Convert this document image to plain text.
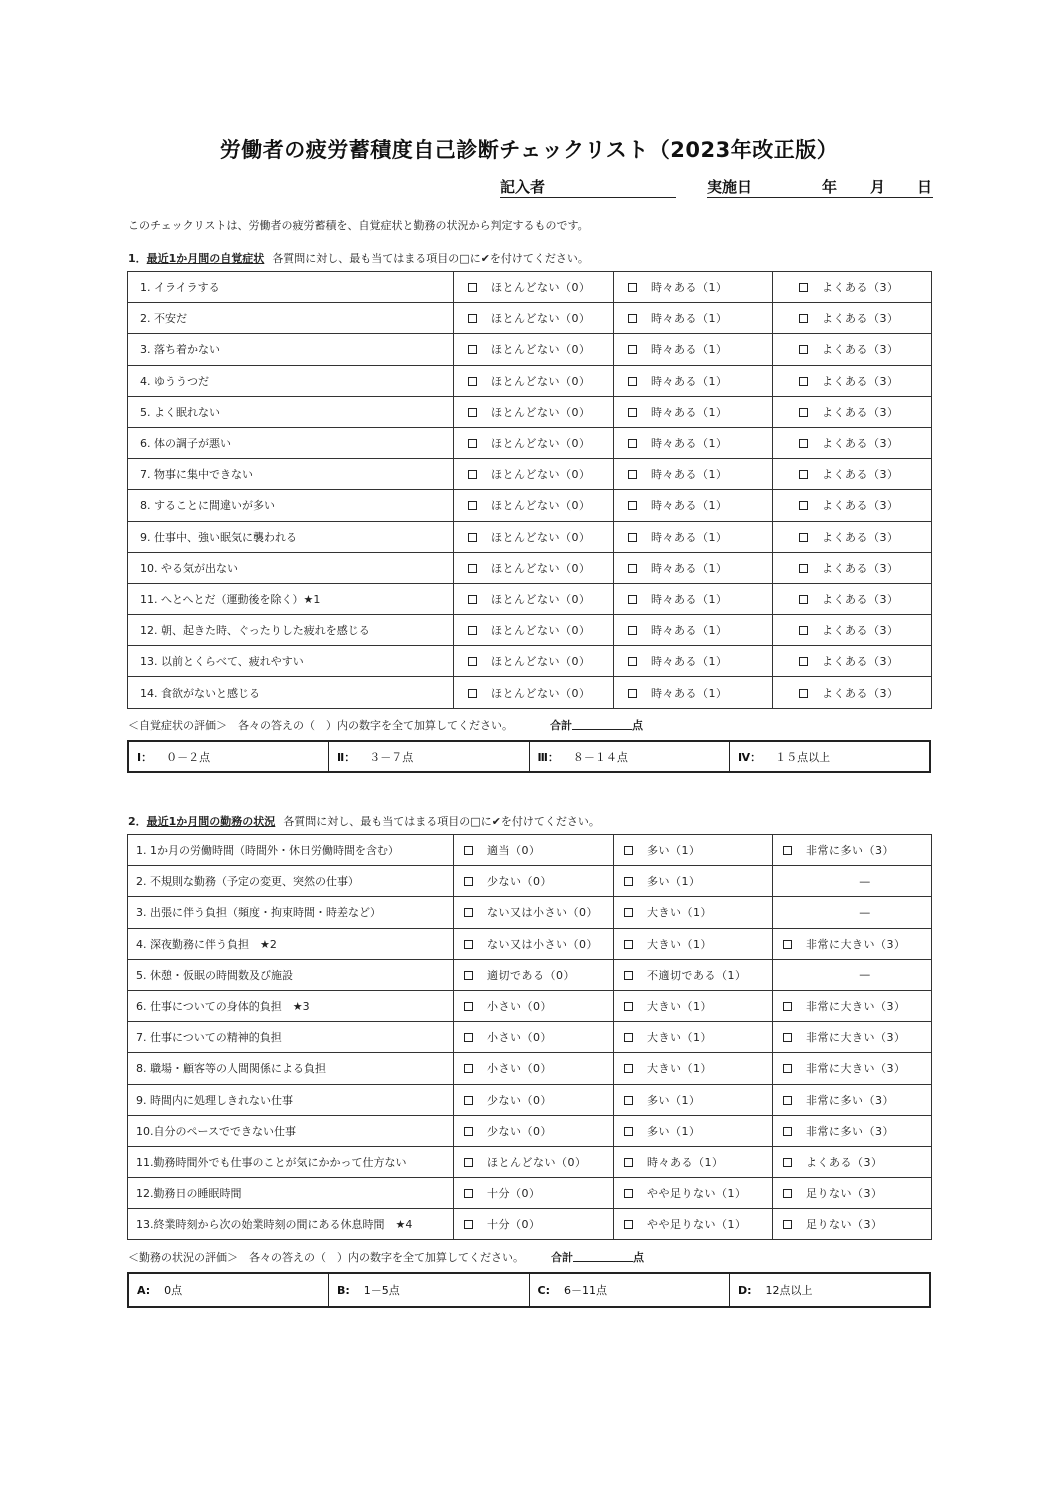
労働者の疲労蓄積度自己診断チェックリスト（2023年改正版）
記入者	実施日	年 月 日
このチェックリストは、労働者の疲労蓄積を、自覚症状と勤務の状況から判定するものです。
1．最近1か月間の自覚症状 各質問に対し、最も当てはまる項目の□に✔を付けてください。
1. イライラする	ほとんどない（0）	時々ある（1）	よくある（3）
2. 不安だ	ほとんどない（0）	時々ある（1）	よくある（3）
3. 落ち着かない	ほとんどない（0）	時々ある（1）	よくある（3）
4. ゆううつだ	ほとんどない（0）	時々ある（1）	よくある（3）
5. よく眠れない	ほとんどない（0）	時々ある（1）	よくある（3）
6. 体の調子が悪い	ほとんどない（0）	時々ある（1）	よくある（3）
7. 物事に集中できない	ほとんどない（0）	時々ある（1）	よくある（3）
8. することに間違いが多い	ほとんどない（0）	時々ある（1）	よくある（3）
9. 仕事中、強い眠気に襲われる	ほとんどない（0）	時々ある（1）	よくある（3）
10. やる気が出ない	ほとんどない（0）	時々ある（1）	よくある（3）
11. へとへとだ（運動後を除く）★1	ほとんどない（0）	時々ある（1）	よくある（3）
12. 朝、起きた時、ぐったりした疲れを感じる	ほとんどない（0）	時々ある（1）	よくある（3）
13. 以前とくらべて、疲れやすい	ほとんどない（0）	時々ある（1）	よくある（3）
14. 食欲がないと感じる	ほとんどない（0）	時々ある（1）	よくある（3）
＜自覚症状の評価＞　各々の答えの（　）内の数字を全て加算してください。	合計	点
Ⅰ： ０－２点	Ⅱ： ３－７点	Ⅲ： ８－１４点	Ⅳ： １５点以上
2．最近1か月間の勤務の状況 各質問に対し、最も当てはまる項目の□に✔を付けてください。
1. 1か月の労働時間（時間外・休日労働時間を含む）	適当（0）	多い（1）	非常に多い（3）
2. 不規則な勤務（予定の変更、突然の仕事）	少ない（0）	多い（1）	—
3. 出張に伴う負担（頻度・拘束時間・時差など）	ない又は小さい（0）	大きい（1）	—
4. 深夜勤務に伴う負担　★2	ない又は小さい（0）	大きい（1）	非常に大きい（3）
5. 休憩・仮眠の時間数及び施設	適切である（0）	不適切である（1）	—
6. 仕事についての身体的負担　★3	小さい（0）	大きい（1）	非常に大きい（3）
7. 仕事についての精神的負担	小さい（0）	大きい（1）	非常に大きい（3）
8. 職場・顧客等の人間関係による負担	小さい（0）	大きい（1）	非常に大きい（3）
9. 時間内に処理しきれない仕事	少ない（0）	多い（1）	非常に多い（3）
10.自分のペースでできない仕事	少ない（0）	多い（1）	非常に多い（3）
11.勤務時間外でも仕事のことが気にかかって仕方ない	ほとんどない（0）	時々ある（1）	よくある（3）
12.勤務日の睡眠時間	十分（0）	やや足りない（1）	足りない（3）
13.終業時刻から次の始業時刻の間にある休息時間　★4	十分（0）	やや足りない（1）	足りない（3）
＜勤務の状況の評価＞　各々の答えの（　）内の数字を全て加算してください。 合計	点
A: 0点	B: 1－5点	C: 6－11点	D: 12点以上
